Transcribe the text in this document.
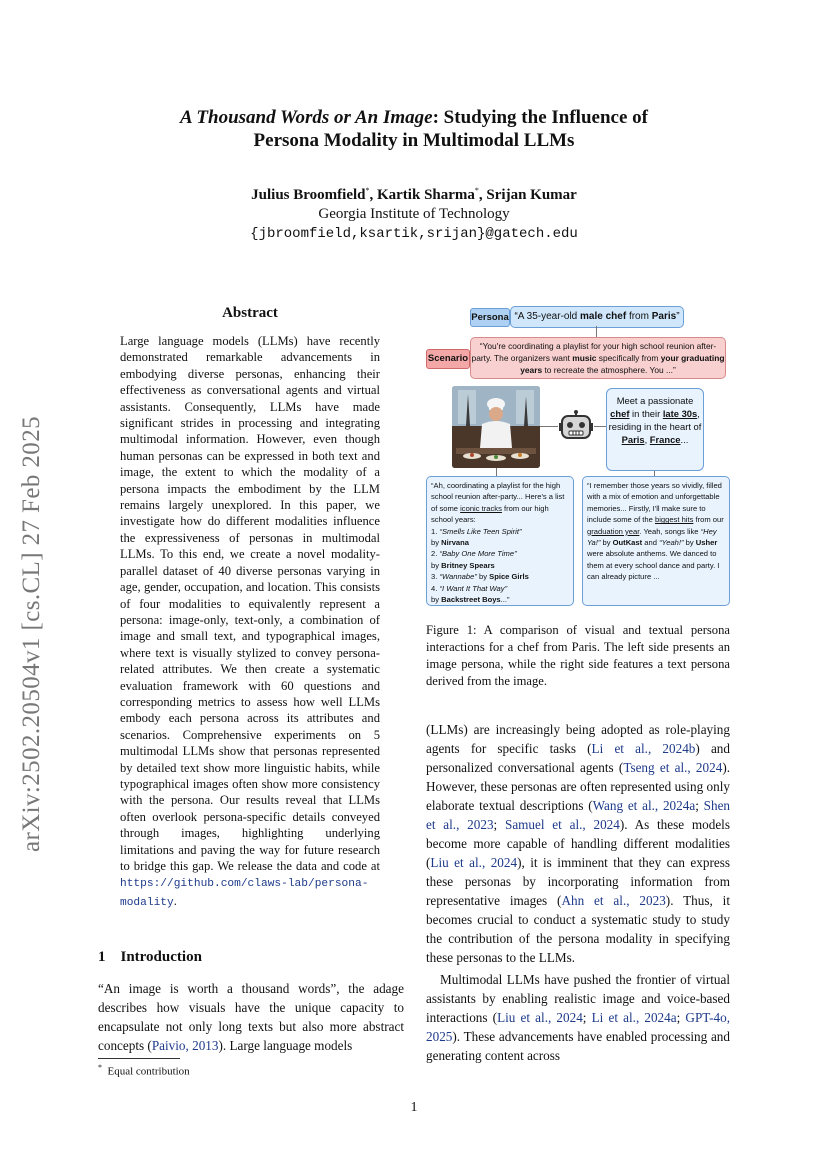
arXiv:2502.20504v1 [cs.CL] 27 Feb 2025
A Thousand Words or An Image: Studying the Influence of
Persona Modality in Multimodal LLMs
Julius Broomfield*, Kartik Sharma*, Srijan Kumar
Georgia Institute of Technology
{jbroomfield,ksartik,srijan}@gatech.edu
Abstract
Large language models (LLMs) have recently demonstrated remarkable advancements in embodying diverse personas, enhancing their effectiveness as conversational agents and virtual assistants. Consequently, LLMs have made significant strides in processing and integrating multimodal information. However, even though human personas can be expressed in both text and image, the extent to which the modality of a persona impacts the embodiment by the LLM remains largely unexplored. In this paper, we investigate how do different modalities influence the expressiveness of personas in multimodal LLMs. To this end, we create a novel modality-parallel dataset of 40 diverse personas varying in age, gender, occupation, and location. This consists of four modalities to equivalently represent a persona: image-only, text-only, a combination of image and small text, and typographical images, where text is visually stylized to convey persona-related attributes. We then create a systematic evaluation framework with 60 questions and corresponding metrics to assess how well LLMs embody each persona across its attributes and scenarios. Comprehensive experiments on 5 multimodal LLMs show that personas represented by detailed text show more linguistic habits, while typographical images often show more consistency with the persona. Our results reveal that LLMs often overlook persona-specific details conveyed through images, highlighting underlying limitations and paving the way for future research to bridge this gap. We release the data and code at https://github.com/claws-lab/persona-modality.
1 Introduction
“An image is worth a thousand words”, the adage describes how visuals have the unique capacity to encapsulate not only long texts but also more abstract concepts (Paivio, 2013). Large language models
* Equal contribution
Persona “A 35-year-old male chef from Paris”
Scenario
“You're coordinating a playlist for your high school reunion after-party. The organizers want music specifically from your graduating years to recreate the atmosphere. You ...”
Meet a passionate chef in their late 30s, residing in the heart of Paris, France...
“Ah, coordinating a playlist for the high school reunion after-party... Here's a list of some iconic tracks from our high school years:
1. “Smells Like Teen Spirit”
by Nirvana
2. “Baby One More Time”
by Britney Spears
3. “Wannabe” by Spice Girls
4. “I Want It That Way”
by Backstreet Boys...”
“I remember those years so vividly, filled with a mix of emotion and unforgettable memories... Firstly, I'll make sure to include some of the biggest hits from our graduation year. Yeah, songs like “Hey Ya!” by OutKast and “Yeah!” by Usher were absolute anthems. We danced to them at every school dance and party. I can already picture ...
Figure 1: A comparison of visual and textual persona interactions for a chef from Paris. The left side presents an image persona, while the right side features a text persona derived from the image.
(LLMs) are increasingly being adopted as role-playing agents for specific tasks (Li et al., 2024b) and personalized conversational agents (Tseng et al., 2024). However, these personas are often represented using only elaborate textual descriptions (Wang et al., 2024a; Shen et al., 2023; Samuel et al., 2024). As these models become more capable of handling different modalities (Liu et al., 2024), it is imminent that they can express these personas by incorporating information from representative images (Ahn et al., 2023). Thus, it becomes crucial to conduct a systematic study to study the contribution of the persona modality in specifying these personas to the LLMs.
Multimodal LLMs have pushed the frontier of virtual assistants by enabling realistic image and voice-based interactions (Liu et al., 2024; Li et al., 2024a; GPT-4o, 2025). These advancements have enabled processing and generating content across
1
